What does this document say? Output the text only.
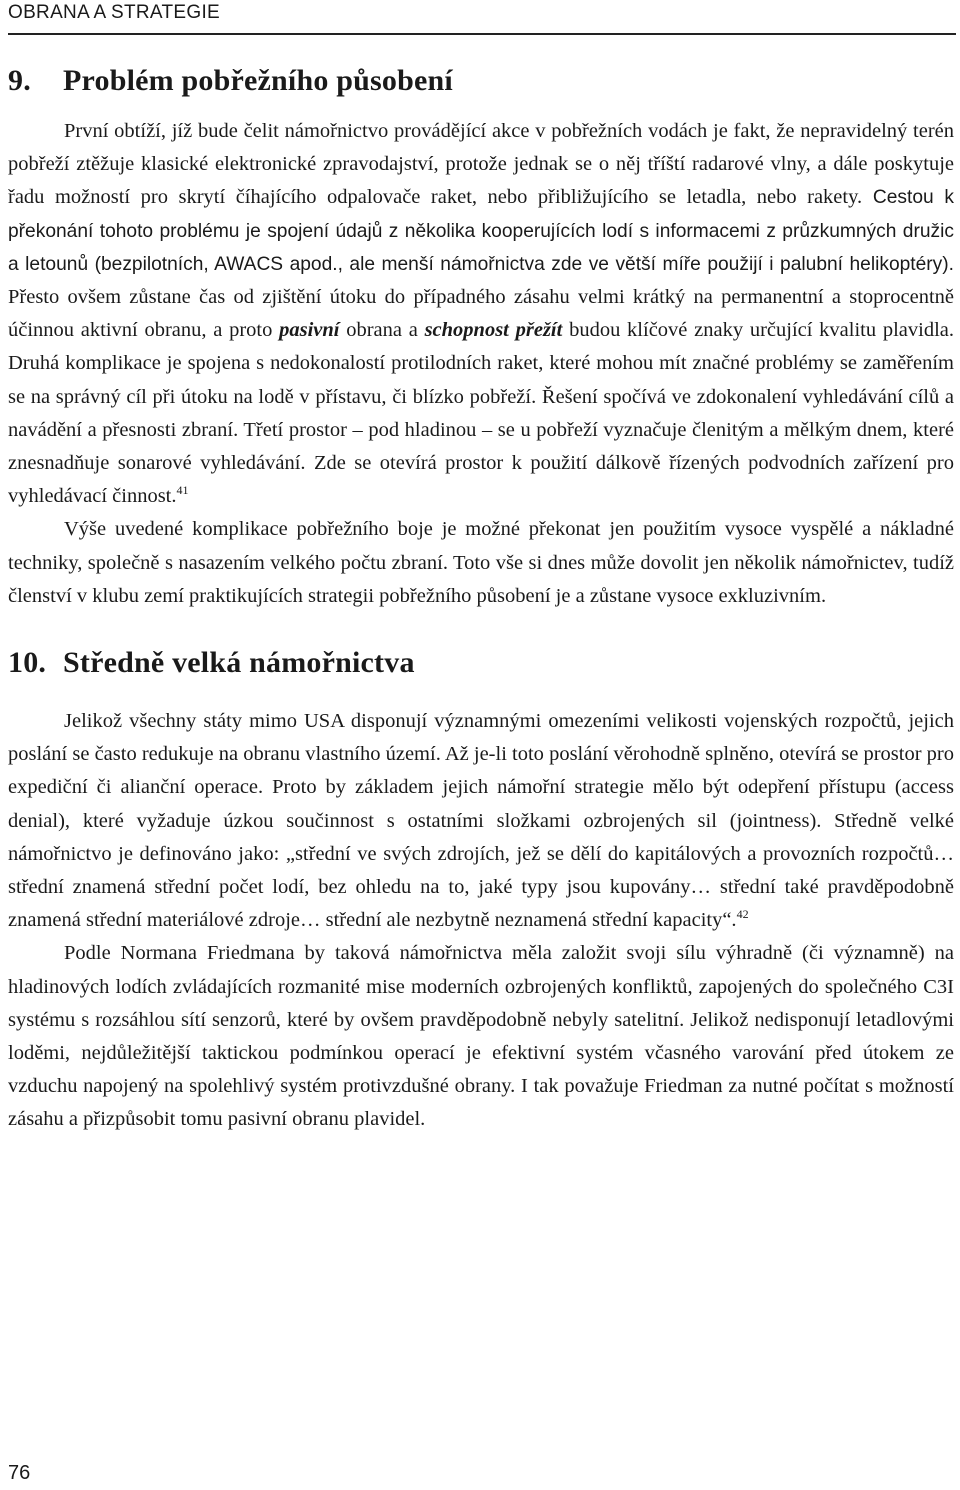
OBRANA A STRATEGIE
9. Problém pobřežního působení

První obtíží, jíž bude čelit námořnictvo provádějící akce v pobřežních vodách je fakt, že nepravidelný terén pobřeží ztěžuje klasické elektronické zpravodajství, protože jednak se o něj tříští radarové vlny, a dále poskytuje řadu možností pro skrytí číhajícího odpalovače raket, nebo přibližujícího se letadla, nebo rakety. Cestou k překonání tohoto problému je spojení údajů z několika kooperujících lodí s informacemi z průzkumných družic a letounů (bezpilotních, AWACS apod., ale menší námořnictva zde ve větší míře použijí i palubní helikoptéry). Přesto ovšem zůstane čas od zjištění útoku do případného zásahu velmi krátký na permanentní a stoprocentně účinnou aktivní obranu, a proto pasivní obrana a schopnost přežít budou klíčové znaky určující kvalitu plavidla. Druhá komplikace je spojena s nedokonalostí protilodních raket, které mohou mít značné problémy se zaměřením se na správný cíl při útoku na lodě v přístavu, či blízko pobřeží. Řešení spočívá ve zdokonalení vyhledávání cílů a navádění a přesnosti zbraní. Třetí prostor – pod hladinou – se u pobřeží vyznačuje členitým a mělkým dnem, které znesnadňuje sonarové vyhledávání. Zde se otevírá prostor k použití dálkově řízených podvodních zařízení pro vyhledávací činnost.$^{41}$

Výše uvedené komplikace pobřežního boje je možné překonat jen použitím vysoce vyspělé a nákladné techniky, společně s nasazením velkého počtu zbraní. Toto vše si dnes může dovolit jen několik námořnictev, tudíž členství v klubu zemí praktikujících strategii pobřežního působení je a zůstane vysoce exkluzivním.

10. Středně velká námořnictva

Jelikož všechny státy mimo USA disponují významnými omezeními velikosti vojenských rozpočtů, jejich poslání se často redukuje na obranu vlastního území. Až je-li toto poslání věrohodně splněno, otevírá se prostor pro expediční či alianční operace. Proto by základem jejich námořní strategie mělo být odepření přístupu (access denial), které vyžaduje úzkou součinnost s ostatními složkami ozbrojených sil (jointness). Středně velké námořnictvo je definováno jako: „střední ve svých zdrojích, jež se dělí do kapitálových a provozních rozpočtů… střední znamená střední počet lodí, bez ohledu na to, jaké typy jsou kupovány… střední také pravděpodobně znamená střední materiálové zdroje… střední ale nezbytně neznamená střední kapacity“.$^{42}$

Podle Normana Friedmana by taková námořnictva měla založit svoji sílu výhradně (či významně) na hladinových lodích zvládajících rozmanité mise moderních ozbrojených konfliktů, zapojených do společného C3I systému s rozsáhlou sítí senzorů, které by ovšem pravděpodobně nebyly satelitní. Jelikož nedisponují letadlovými loděmi, nejdůležitější taktickou podmínkou operací je efektivní systém včasného varování před útokem ze vzduchu napojený na spolehlivý systém protivzdušné obrany. I tak považuje Friedman za nutné počítat s možností zásahu a přizpůsobit tomu pasivní obranu plavidel.

76
